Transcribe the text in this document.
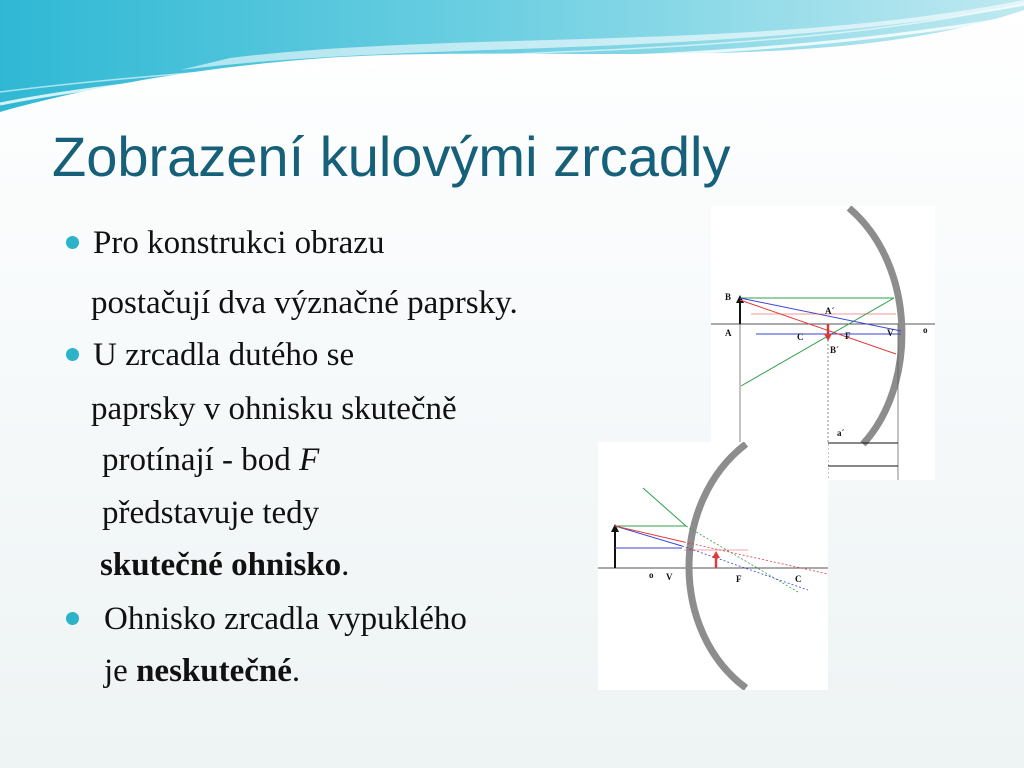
Zobrazení kulovými zrcadly
B
A
A´
C	F	V
B´
o
a´
o V	F	C
Pro konstrukci obrazu
postačují dva význačné paprsky.
U zrcadla dutého se
paprsky v ohnisku skutečně
protínají - bod F
představuje tedy
skutečné ohnisko.
Ohnisko zrcadla vypuklého
je neskutečné.
